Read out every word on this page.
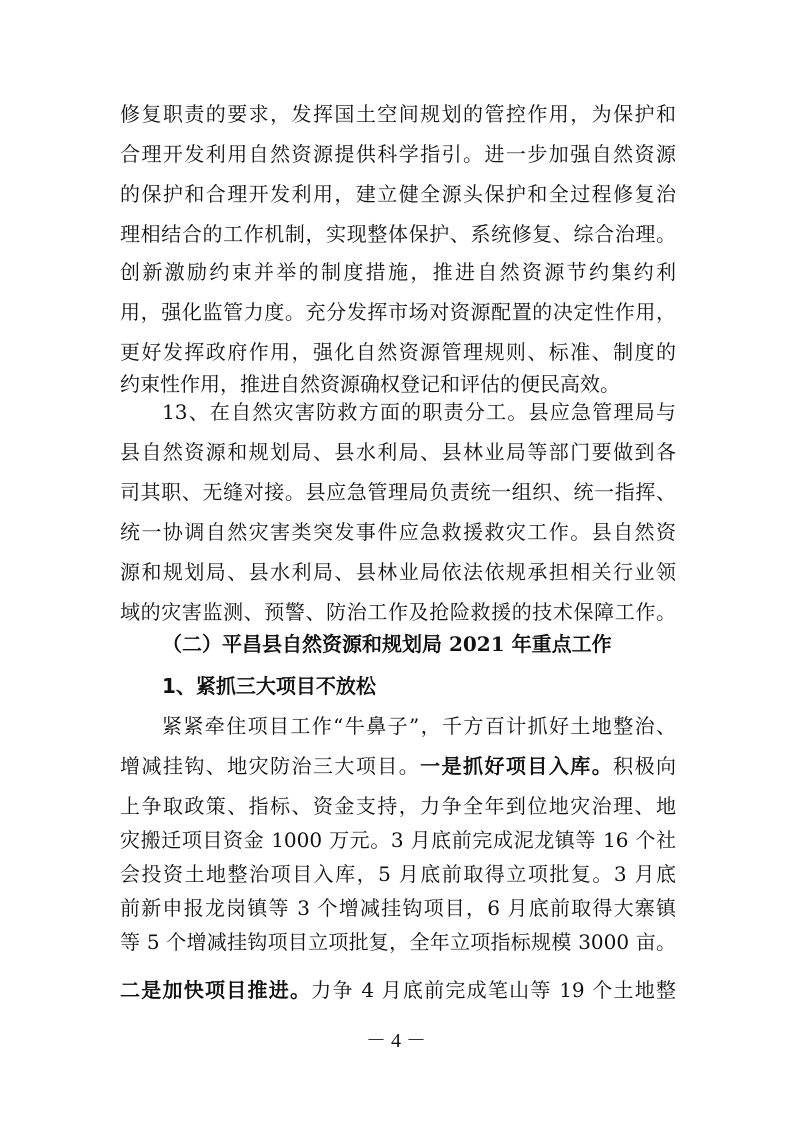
修复职责的要求，发挥国土空间规划的管控作用，为保护和
合理开发利用自然资源提供科学指引。进一步加强自然资源
的保护和合理开发利用，建立健全源头保护和全过程修复治
理相结合的工作机制，实现整体保护、系统修复、综合治理。
创新激励约束并举的制度措施，推进自然资源节约集约利
用，强化监管力度。充分发挥市场对资源配置的决定性作用，
更好发挥政府作用，强化自然资源管理规则、标准、制度的
约束性作用，推进自然资源确权登记和评估的便民高效。
13、在自然灾害防救方面的职责分工。县应急管理局与
县自然资源和规划局、县水利局、县林业局等部门要做到各
司其职、无缝对接。县应急管理局负责统一组织、统一指挥、
统一协调自然灾害类突发事件应急救援救灾工作。县自然资
源和规划局、县水利局、县林业局依法依规承担相关行业领
域的灾害监测、预警、防治工作及抢险救援的技术保障工作。
（二）平昌县自然资源和规划局 2021 年重点工作
1、紧抓三大项目不放松
紧紧牵住项目工作“牛鼻子”，千方百计抓好土地整治、
增减挂钩、地灾防治三大项目。一是抓好项目入库。积极向
上争取政策、指标、资金支持，力争全年到位地灾治理、地
灾搬迁项目资金 1000 万元。3 月底前完成泥龙镇等 16 个社
会投资土地整治项目入库，5 月底前取得立项批复。3 月底
前新申报龙岗镇等 3 个增减挂钩项目，6 月底前取得大寨镇
等 5 个增减挂钩项目立项批复，全年立项指标规模 3000 亩。
－ 4 －
二是加快项目推进。力争 4 月底前完成笔山等 19 个土地整
